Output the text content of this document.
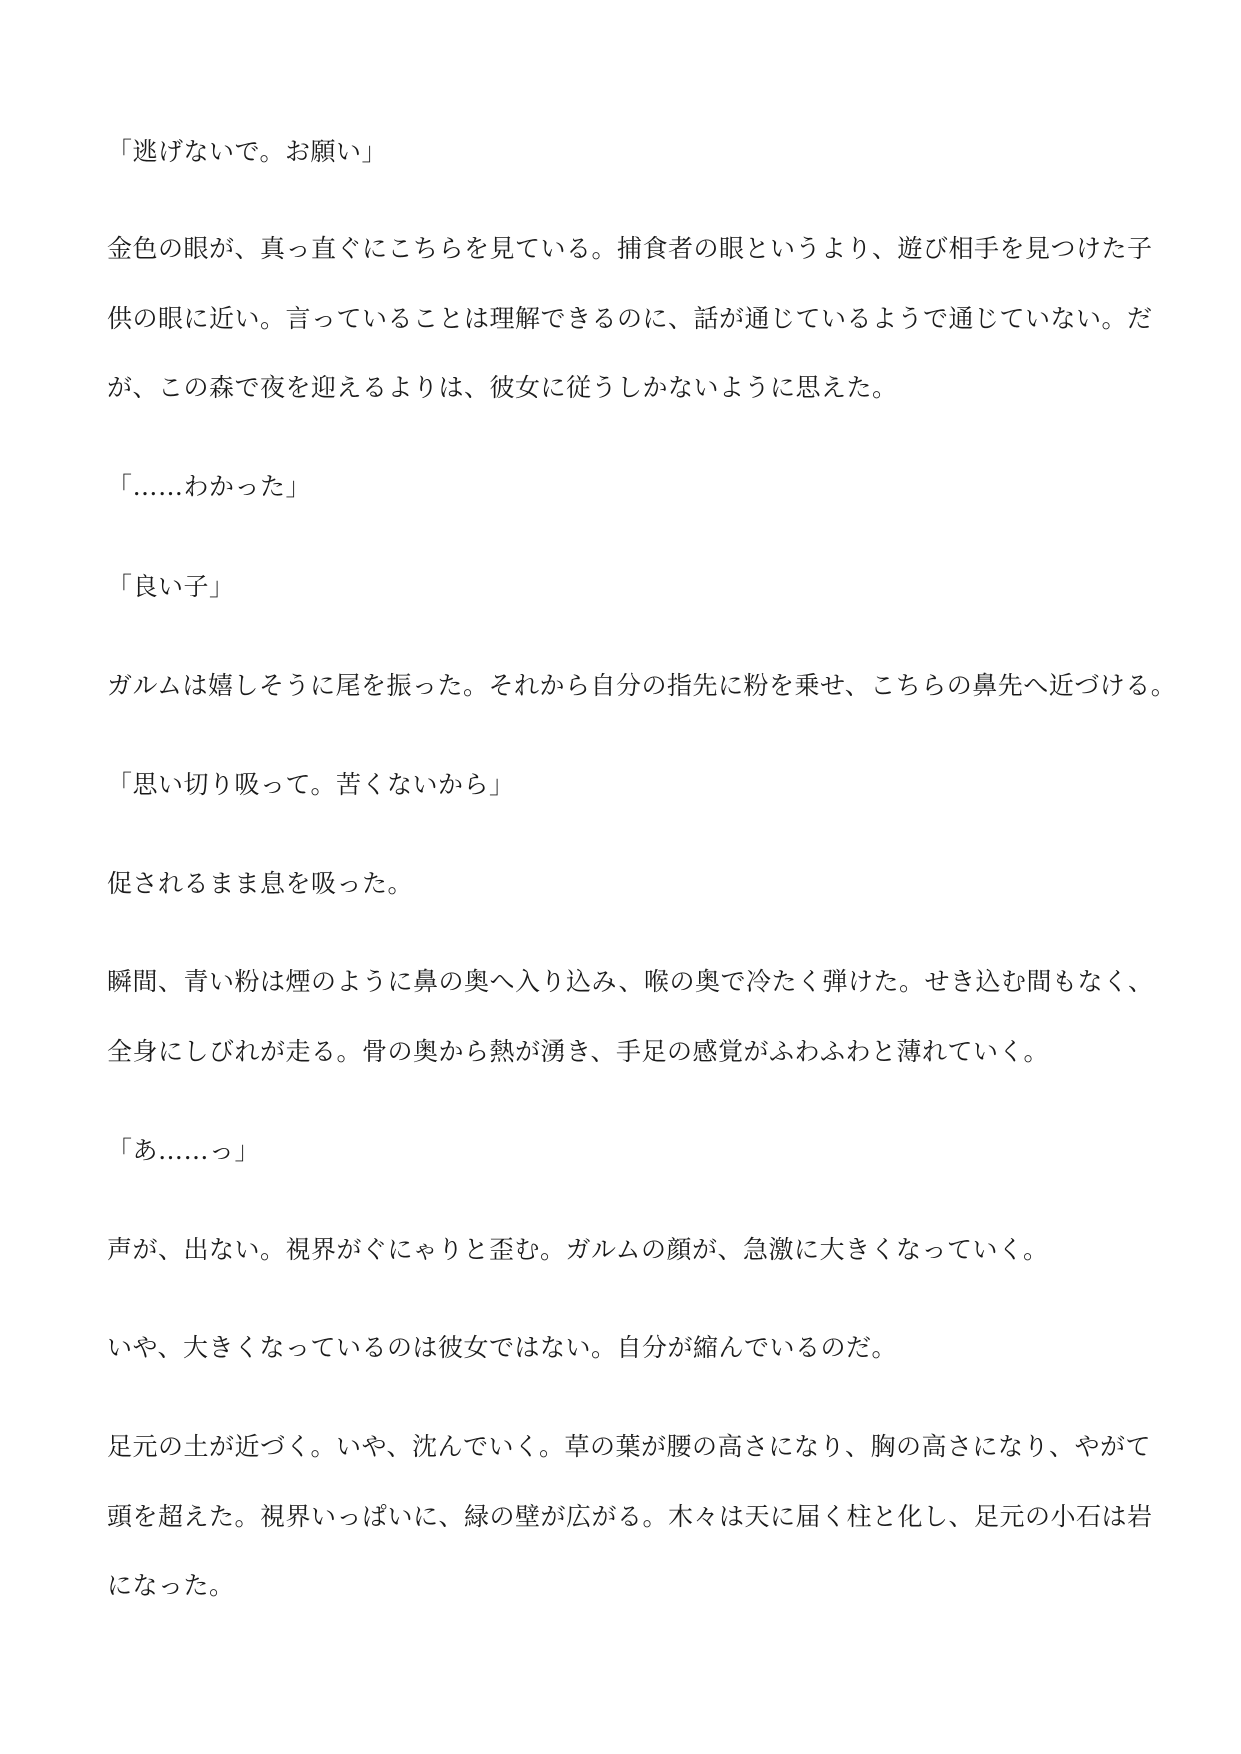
「逃げないで。お願い」
金色の眼が、真っ直ぐにこちらを見ている。捕食者の眼というより、遊び相手を見つけた子
供の眼に近い。言っていることは理解できるのに、話が通じているようで通じていない。だ
が、この森で夜を迎えるよりは、彼女に従うしかないように思えた。
「……わかった」
「良い子」
ガルムは嬉しそうに尾を振った。それから自分の指先に粉を乗せ、こちらの鼻先へ近づける。
「思い切り吸って。苦くないから」
促されるまま息を吸った。
瞬間、青い粉は煙のように鼻の奥へ入り込み、喉の奥で冷たく弾けた。せき込む間もなく、
全身にしびれが走る。骨の奥から熱が湧き、手足の感覚がふわふわと薄れていく。
「あ……っ」
声が、出ない。視界がぐにゃりと歪む。ガルムの顔が、急激に大きくなっていく。
いや、大きくなっているのは彼女ではない。自分が縮んでいるのだ。
足元の土が近づく。いや、沈んでいく。草の葉が腰の高さになり、胸の高さになり、やがて
頭を超えた。視界いっぱいに、緑の壁が広がる。木々は天に届く柱と化し、足元の小石は岩
になった。
